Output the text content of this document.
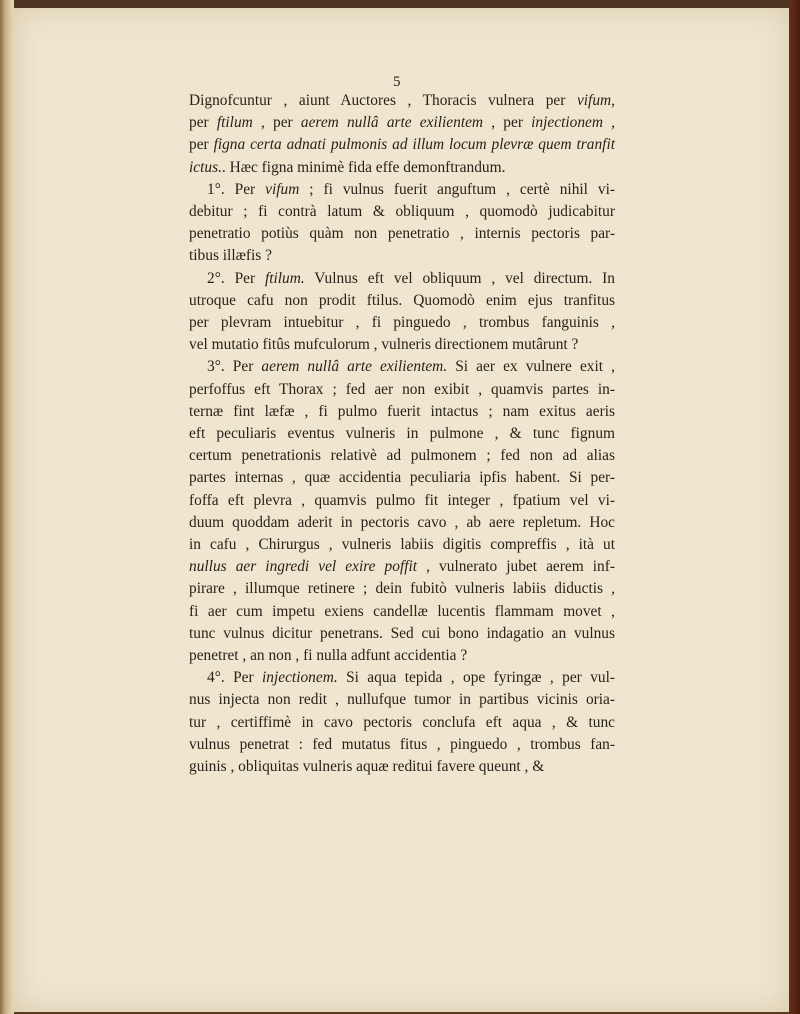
5
Dignofcuntur , aiunt Auctores , Thoracis vulnera per vifum,
per ftilum , per aerem nullâ arte exilientem , per injectionem ,
per figna certa adnati pulmonis ad illum locum plevræ quem tranfit
ictus.. Hæc figna minimè fida effe demonftrandum.
1°. Per vifum ; fi vulnus fuerit anguftum , certè nihil vi-
debitur ; fi contrà latum & obliquum , quomodò judicabitur
penetratio potiùs quàm non penetratio , internis pectoris par-
tibus illæfis ?
2°. Per ftilum. Vulnus eft vel obliquum , vel directum. In
utroque cafu non prodit ftilus. Quomodò enim ejus tranfitus
per plevram intuebitur , fi pinguedo , trombus fanguinis ,
vel mutatio fitûs mufculorum , vulneris directionem mutârunt ?
3°. Per aerem nullâ arte exilientem. Si aer ex vulnere exit ,
perfoffus eft Thorax ; fed aer non exibit , quamvis partes in-
ternæ fint læfæ , fi pulmo fuerit intactus ; nam exitus aeris
eft peculiaris eventus vulneris in pulmone , & tunc fignum
certum penetrationis relativè ad pulmonem ; fed non ad alias
partes internas , quæ accidentia peculiaria ipfis habent. Si per-
foffa eft plevra , quamvis pulmo fit integer , fpatium vel vi-
duum quoddam aderit in pectoris cavo , ab aere repletum. Hoc
in cafu , Chirurgus , vulneris labiis digitis compreffis , ità ut
nullus aer ingredi vel exire poffit , vulnerato jubet aerem inf-
pirare , illumque retinere ; dein fubitò vulneris labiis diductis ,
fi aer cum impetu exiens candellæ lucentis flammam movet ,
tunc vulnus dicitur penetrans. Sed cui bono indagatio an vulnus
penetret , an non , fi nulla adfunt accidentia ?
4°. Per injectionem. Si aqua tepida , ope fyringæ , per vul-
nus injecta non redit , nullufque tumor in partibus vicinis oria-
tur , certiffimè in cavo pectoris conclufa eft aqua , & tunc
vulnus penetrat : fed mutatus fitus , pinguedo , trombus fan-
guinis , obliquitas vulneris aquæ reditui favere queunt , &
